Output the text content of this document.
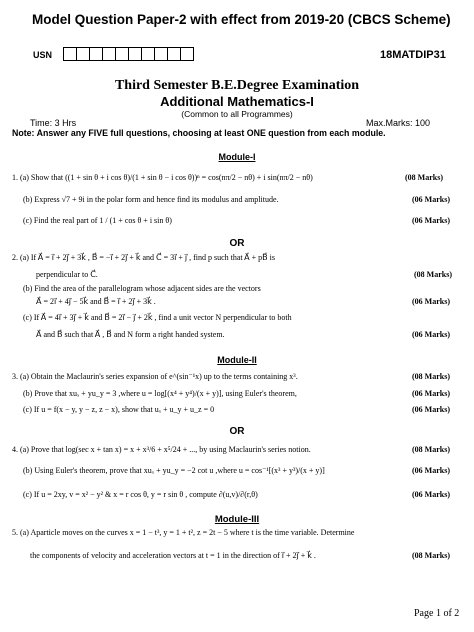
Model Question Paper-2 with effect from 2019-20 (CBCS Scheme)
USN	18MATDIP31
Third Semester B.E.Degree Examination
Additional Mathematics-I
(Common to all Programmes)
Time: 3 Hrs	Max.Marks: 100
Note: Answer any FIVE full questions, choosing at least ONE question from each module.
Module-I
1. (a) Show that ((1 + sin θ + i cos θ)/(1 + sin θ − i cos θ))ⁿ = cos(nπ/2 − nθ) + i sin(nπ/2 − nθ)	(08 Marks)
(b) Express √7 + 9i in the polar form and hence find its modulus and amplitude.	(06 Marks)
(c) Find the real part of 1 / (1 + cos θ + i sin θ)	(06 Marks)
OR
2. (a) If A⃗ = i⃗ + 2j⃗ + 3k⃗ , B⃗ = −i⃗ + 2j⃗ + k⃗ and C⃗ = 3i⃗ + j⃗ , find p such that A⃗ + pB⃗ is
perpendicular to C⃗.	(08 Marks)
(b) Find the area of the parallelogram whose adjacent sides are the vectors
A⃗ = 2i⃗ + 4j⃗ − 5k⃗ and B⃗ = i⃗ + 2j⃗ + 3k⃗ .	(06 Marks)
(c) If A⃗ = 4i⃗ + 3j⃗ + k⃗ and B⃗ = 2i⃗ − j⃗ + 2k⃗ , find a unit vector N perpendicular to both
A⃗ and B⃗ such that A⃗ , B⃗ and N form a right handed system.	(06 Marks)
Module-II
3. (a) Obtain the Maclaurin's series expansion of e^(sin⁻¹x) up to the terms containing x³.	(08 Marks)
(b) Prove that xuₓ + yu_y = 3 ,where u = log[(x⁴ + y⁴)/(x + y)], using Euler's theorem,	(06 Marks)
(c) If u = f(x − y, y − z, z − x), show that uₓ + u_y + u_z = 0	(06 Marks)
OR
4. (a) Prove that log(sec x + tan x) = x + x³/6 + x⁵/24 + ..., by using Maclaurin's series notion.	(08 Marks)
(b) Using Euler's theorem, prove that xuₓ + yu_y = −2 cot u ,where u = cos⁻¹[(x³ + y³)/(x + y)]	(06 Marks)
(c) If u = 2xy, v = x² − y² & x = r cos θ, y = r sin θ , compute ∂(u,v)/∂(r,θ)	(06 Marks)
Module-III
5. (a) Aparticle moves on the curves x = 1 − t³, y = 1 + t², z = 2t − 5 where t is the time variable. Determine
the components of velocity and acceleration vectors at t = 1 in the direction of i⃗ + 2j⃗ + k⃗ .	(08 Marks)
Page 1 of 2
